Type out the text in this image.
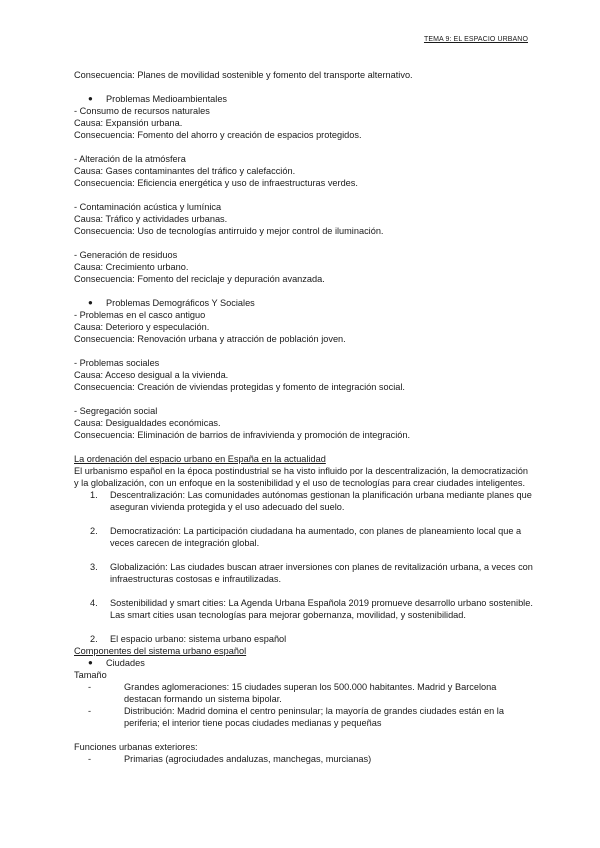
TEMA 9: EL ESPACIO URBANO

Consecuencia: Planes de movilidad sostenible y fomento del transporte alternativo.

●	Problemas Medioambientales

- Consumo de recursos naturales

Causa: Expansión urbana.

Consecuencia: Fomento del ahorro y creación de espacios protegidos.

- Alteración de la atmósfera

Causa: Gases contaminantes del tráfico y calefacción.

Consecuencia: Eficiencia energética y uso de infraestructuras verdes.

- Contaminación acústica y lumínica

Causa: Tráfico y actividades urbanas.

Consecuencia: Uso de tecnologías antirruido y mejor control de iluminación.

- Generación de residuos

Causa: Crecimiento urbano.

Consecuencia: Fomento del reciclaje y depuración avanzada.

●	Problemas Demográficos Y Sociales

- Problemas en el casco antiguo

Causa: Deterioro y especulación.

Consecuencia: Renovación urbana y atracción de población joven.

- Problemas sociales

Causa: Acceso desigual a la vivienda.

Consecuencia: Creación de viviendas protegidas y fomento de integración social.

- Segregación social

Causa: Desigualdades económicas.

Consecuencia: Eliminación de barrios de infravivienda y promoción de integración.

La ordenación del espacio urbano en España en la actualidad

El urbanismo español en la época postindustrial se ha visto influido por la descentralización, la democratización y la globalización, con un enfoque en la sostenibilidad y el uso de tecnologías para crear ciudades inteligentes.

1.	Descentralización: Las comunidades autónomas gestionan la planificación urbana mediante planes que aseguran vivienda protegida y el uso adecuado del suelo.
2.	Democratización: La participación ciudadana ha aumentado, con planes de planeamiento local que a veces carecen de integración global.
3.	Globalización: Las ciudades buscan atraer inversiones con planes de revitalización urbana, a veces con infraestructuras costosas e infrautilizadas.
4.	Sostenibilidad y smart cities: La Agenda Urbana Española 2019 promueve desarrollo urbano sostenible. Las smart cities usan tecnologías para mejorar gobernanza, movilidad, y sostenibilidad.
2.	El espacio urbano: sistema urbano español

Componentes del sistema urbano español

●	Ciudades

Tamaño

-	Grandes aglomeraciones: 15 ciudades superan los 500.000 habitantes. Madrid y Barcelona destacan formando un sistema bipolar.
-	Distribución: Madrid domina el centro peninsular; la mayoría de grandes ciudades están en la periferia; el interior tiene pocas ciudades medianas y pequeñas

Funciones urbanas exteriores:

-	Primarias (agrociudades andaluzas, manchegas, murcianas)
